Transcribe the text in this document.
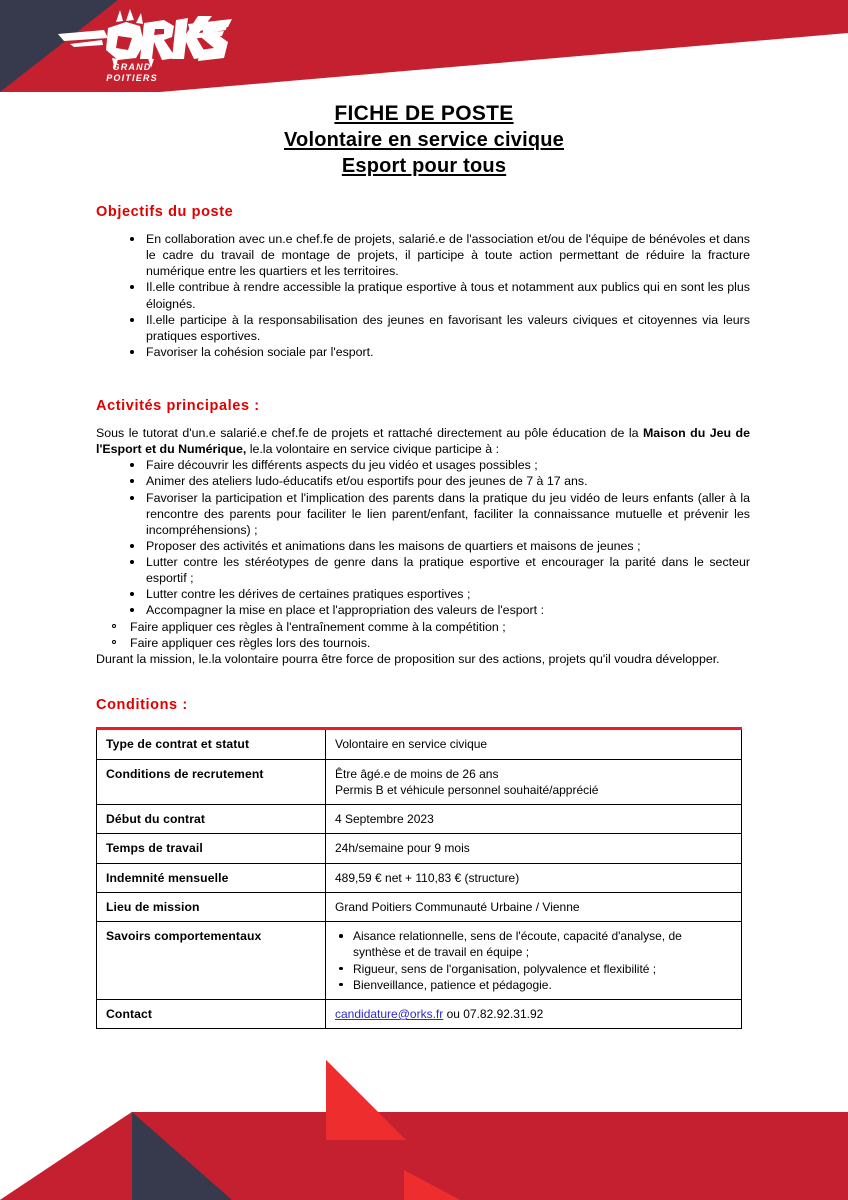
GRAND
POITIERS
FICHE DE POSTE
Volontaire en service civique
Esport pour tous
Objectifs du poste
En collaboration avec un.e chef.fe de projets, salarié.e de l'association et/ou de l'équipe de bénévoles et dans le cadre du travail de montage de projets, il participe à toute action permettant de réduire la fracture numérique entre les quartiers et les territoires.
Il.elle contribue à rendre accessible la pratique esportive à tous et notamment aux publics qui en sont les plus éloignés.
Il.elle participe à la responsabilisation des jeunes en favorisant les valeurs civiques et citoyennes via leurs pratiques esportives.
Favoriser la cohésion sociale par l'esport.
Activités principales :

Sous le tutorat d'un.e salarié.e chef.fe de projets et rattaché directement au pôle éducation de la Maison du Jeu de l'Esport et du Numérique, le.la volontaire en service civique participe à :

Faire découvrir les différents aspects du jeu vidéo et usages possibles ;
Animer des ateliers ludo-éducatifs et/ou esportifs pour des jeunes de 7 à 17 ans.
Favoriser la participation et l'implication des parents dans la pratique du jeu vidéo de leurs enfants (aller à la rencontre des parents pour faciliter le lien parent/enfant, faciliter la connaissance mutuelle et prévenir les incompréhensions) ;
Proposer des activités et animations dans les maisons de quartiers et maisons de jeunes ;
Lutter contre les stéréotypes de genre dans la pratique esportive et encourager la parité dans le secteur esportif ;
Lutter contre les dérives de certaines pratiques esportives ;
Accompagner la mise en place et l'appropriation des valeurs de l'esport :
Faire appliquer ces règles à l'entraînement comme à la compétition ;
Faire appliquer ces règles lors des tournois.

Durant la mission, le.la volontaire pourra être force de proposition sur des actions, projets qu'il voudra développer.

Conditions :
Type de contrat et statut	Volontaire en service civique

Conditions de recrutement	Être âgé.e de moins de 26 ans
Permis B et véhicule personnel souhaité/apprécié

Début du contrat	4 Septembre 2023

Temps de travail	24h/semaine pour 9 mois

Indemnité mensuelle	489,59 € net + 110,83 € (structure)

Lieu de mission	Grand Poitiers Communauté Urbaine / Vienne

Savoirs comportementaux	Aisance relationnelle, sens de l'écoute, capacité d'analyse, de synthèse et de travail en équipe ;
Rigueur, sens de l'organisation, polyvalence et flexibilité ;
Bienveillance, patience et pédagogie.

Contact	candidature@orks.fr ou 07.82.92.31.92
